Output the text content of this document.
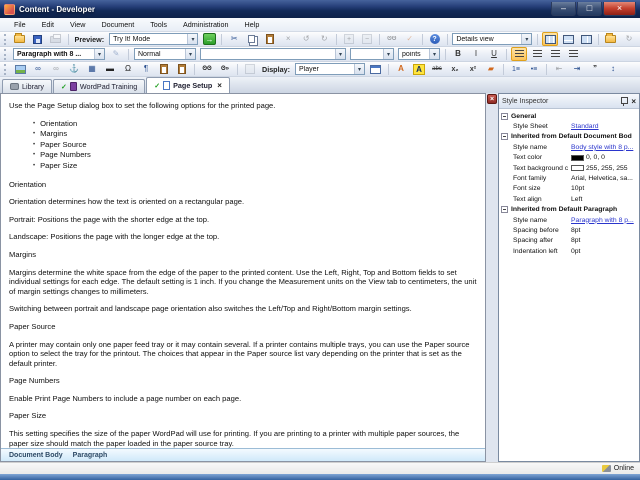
Content - Developer	– □	×
File	Edit	View	Document	Tools	Administration	Help
Preview:	Try It! Mode	▾	→	✂	× ↺ ↻	+	−	ʘʘ ✓	?	Details view	▾	↻
Paragraph with 8 ...	▾	✎	Normal	▾	▾	▾	points	▾	B I U
∞ ∞ ⚓ ▦ ▬ Ω ¶	ʘʘ ʘ»	Display:	Player	▾	A	A	abc x₂ x² ▰	1≡ •≡ ⇤ ⇥ ” ↕
Library ✓ WordPad Training ✓ Page Setup ×

Use the Page Setup dialog box to set the following options for the printed page.

• Orientation
• Margins
• Paper Source
• Page Numbers
• Paper Size

Orientation

Orientation determines how the text is oriented on a rectangular page.

Portrait: Positions the page with the shorter edge at the top.

Landscape: Positions the page with the longer edge at the top.

Margins

Margins determine the white space from the edge of the paper to the printed content. Use the Left, Right, Top and Bottom fields to set individual settings for each edge. The default setting is 1 inch. If you change the Measurement units on the View tab to centimeters, the unit of margin settings changes to millimeters.

Switching between portrait and landscape page orientation also switches the Left/Top and Right/Bottom margin settings.

Paper Source

A printer may contain only one paper feed tray or it may contain several. If a printer contains multiple trays, you can use the Paper source option to select the tray for the printout. The choices that appear in the Paper source list vary depending on the printer that is set as the default printer.

Page Numbers

Enable Print Page Numbers to include a page number on each page.

Paper Size

This setting specifies the size of the paper WordPad will use for printing. If you are printing to a printer with multiple paper sources, the paper size should match the paper loaded in the paper source tray.

Document Body Paragraph
×	Style Inspector	×
General
Style Sheet	Standard
Inherited from Default Document Bod
Style name	Body style with 8 p...
Text color	0, 0, 0
Text background c	255, 255, 255
Font family	Arial, Helvetica, sa...
Font size	10pt
Text align	Left
Inherited from Default Paragraph
Style name	Paragraph with 8 p...
Spacing before	8pt
Spacing after	8pt
Indentation left	0pt
Online
